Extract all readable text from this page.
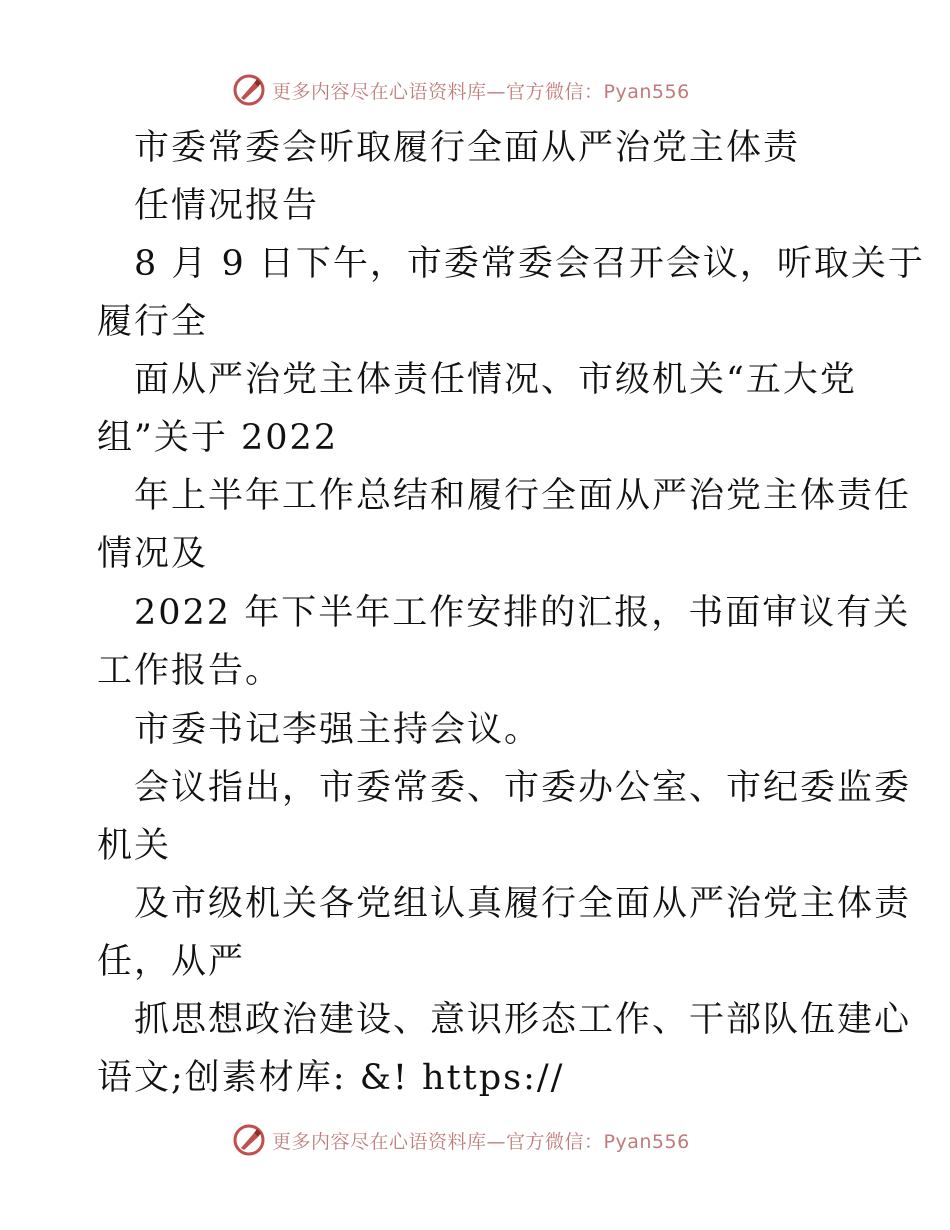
更多内容尽在心语资料库—官方微信：Pyan556
市委常委会听取履行全面从严治党主体责
任情况报告
8 月 9 日下午，市委常委会召开会议，听取关于
履行全
面从严治党主体责任情况、市级机关“五大党
组”关于 2022
年上半年工作总结和履行全面从严治党主体责任
情况及
2022 年下半年工作安排的汇报，书面审议有关
工作报告。
市委书记李强主持会议。
会议指出，市委常委、市委办公室、市纪委监委
机关
及市级机关各党组认真履行全面从严治党主体责
任，从严
抓思想政治建设、意识形态工作、干部队伍建心
语文;创素材库: &! https://
更多内容尽在心语资料库—官方微信：Pyan556
